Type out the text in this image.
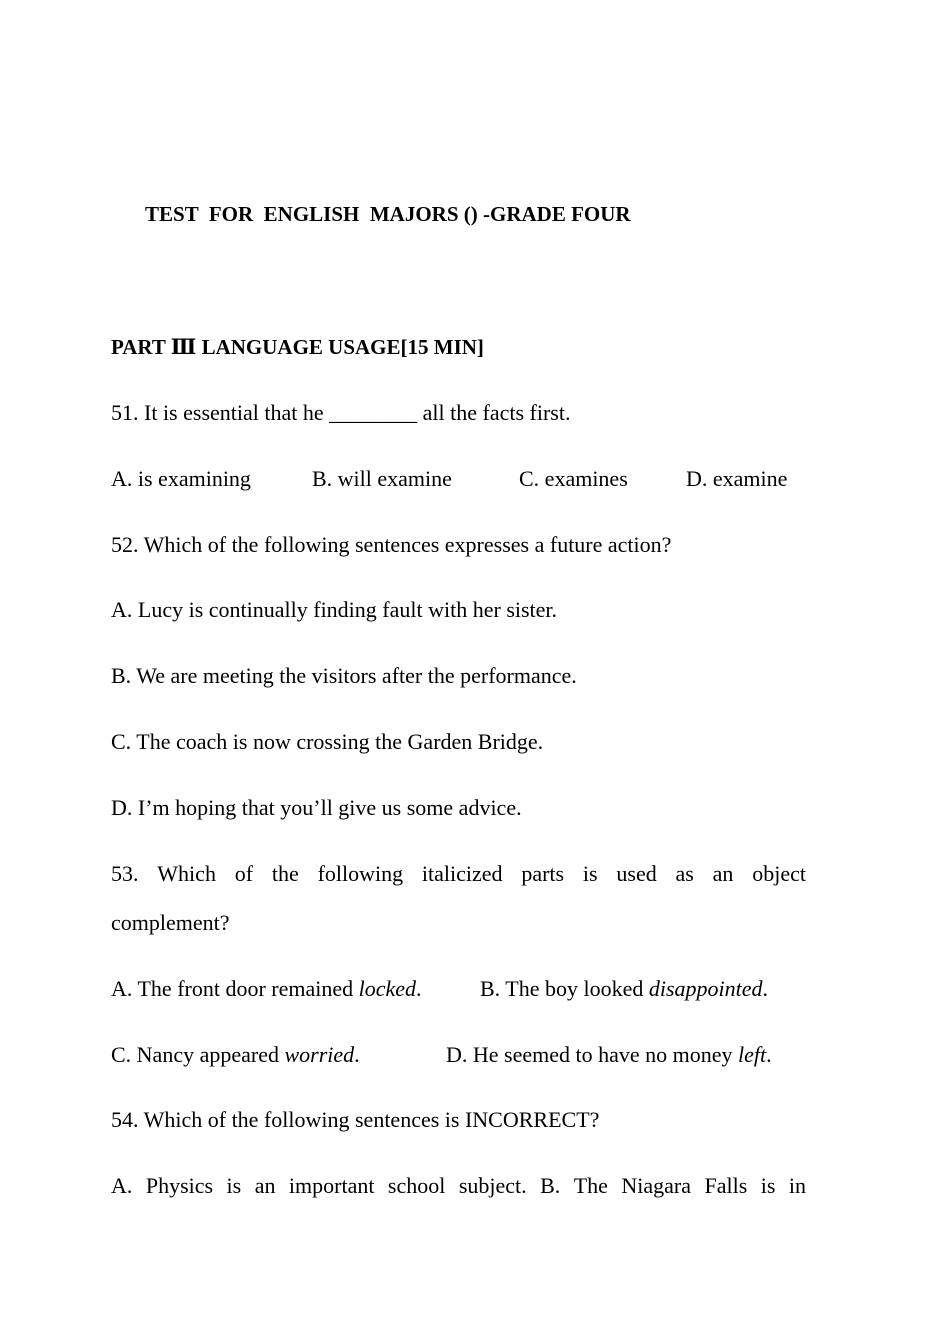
TEST  FOR  ENGLISH  MAJORS () -GRADE FOUR
PART Ⅲ LANGUAGE USAGE[15 MIN]
51. It is essential that he ________ all the facts first.
A. is examining	B. will examine	C. examines	D. examine
52. Which of the following sentences expresses a future action?
A. Lucy is continually finding fault with her sister.
B. We are meeting the visitors after the performance.
C. The coach is now crossing the Garden Bridge.
D. I’m hoping that you’ll give us some advice.
53. Which of the following italicized parts is used as an object
complement?
A. The front door remained locked.	B. The boy looked disappointed.
C. Nancy appeared worried.	D. He seemed to have no money left.
54. Which of the following sentences is INCORRECT?
A. Physics is an important school subject. B. The Niagara Falls is in
